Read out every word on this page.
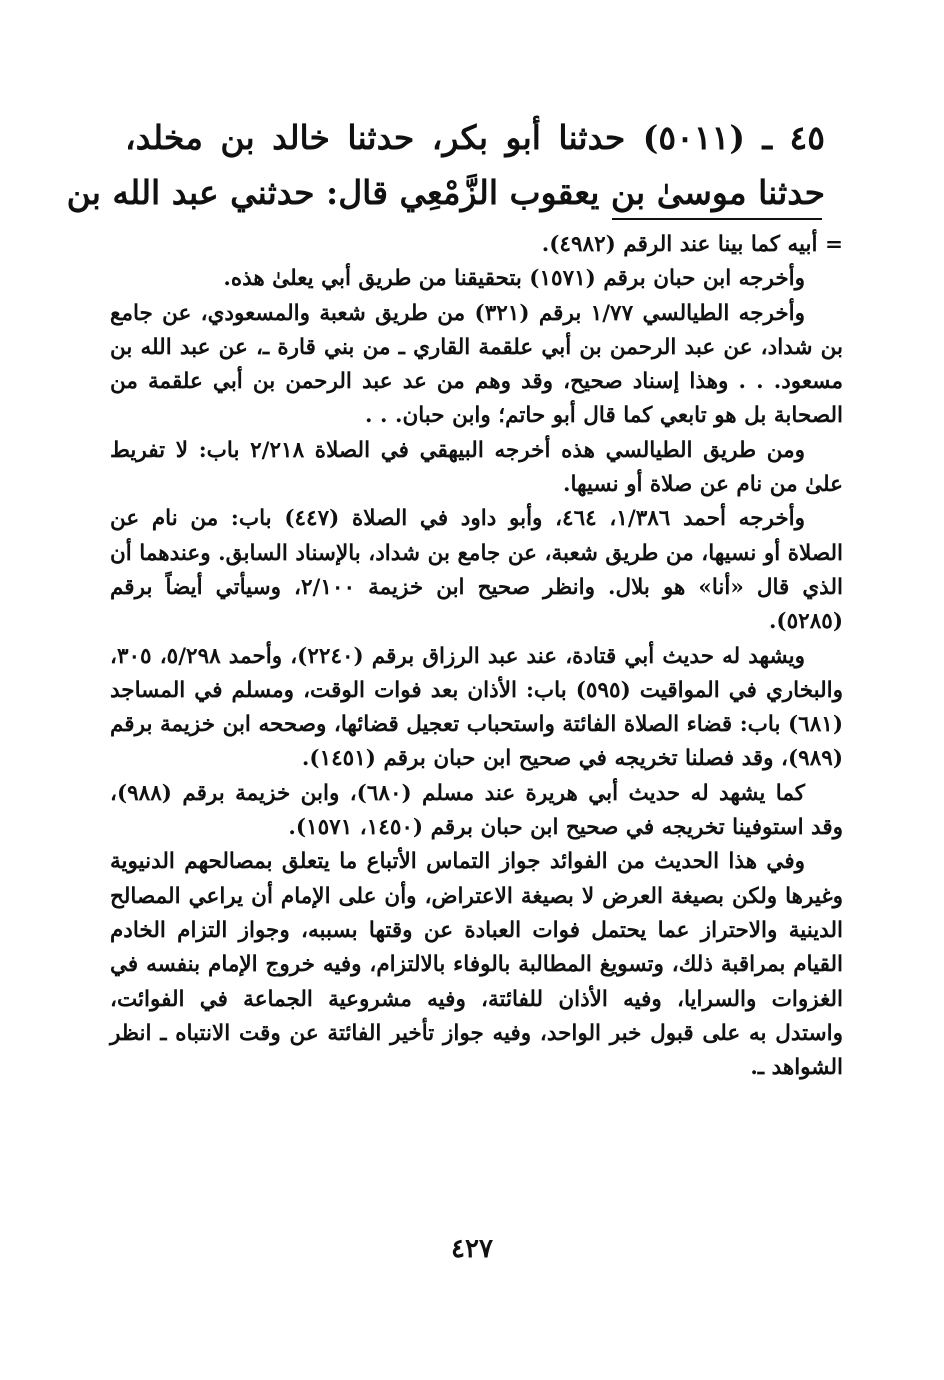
٤٥ ـ (٥٠١١) حدثنا أبو بكر، حدثنا خالد بن مخلد،
حدثنا موسىٰ بن يعقوب الزَّمْعِي قال: حدثني عبد الله بن

= أبيه كما بينا عند الرقم (٤٩٨٢).

وأخرجه ابن حبان برقم (١٥٧١) بتحقيقنا من طريق أبي يعلىٰ هذه.

وأخرجه الطيالسي ١/٧٧ برقم (٣٢١) من طريق شعبة والمسعودي، عن جامع بن شداد، عن عبد الرحمن بن أبي علقمة القاري ـ من بني قارة ـ، عن عبد الله بن مسعود. . . وهذا إسناد صحيح، وقد وهم من عد عبد الرحمن بن أبي علقمة من الصحابة بل هو تابعي كما قال أبو حاتم؛ وابن حبان. . .

ومن طريق الطيالسي هذه أخرجه البيهقي في الصلاة ٢/٢١٨ باب: لا تفريط علىٰ من نام عن صلاة أو نسيها.

وأخرجه أحمد ١/٣٨٦، ٤٦٤، وأبو داود في الصلاة (٤٤٧) باب: من نام عن الصلاة أو نسيها، من طريق شعبة، عن جامع بن شداد، بالإسناد السابق. وعندهما أن الذي قال «أنا» هو بلال. وانظر صحيح ابن خزيمة ٢/١٠٠، وسيأتي أيضاً برقم (٥٢٨٥).

ويشهد له حديث أبي قتادة، عند عبد الرزاق برقم (٢٢٤٠)، وأحمد ٥/٢٩٨، ٣٠٥، والبخاري في المواقيت (٥٩٥) باب: الأذان بعد فوات الوقت، ومسلم في المساجد (٦٨١) باب: قضاء الصلاة الفائتة واستحباب تعجيل قضائها، وصححه ابن خزيمة برقم (٩٨٩)، وقد فصلنا تخريجه في صحيح ابن حبان برقم (١٤٥١).

كما يشهد له حديث أبي هريرة عند مسلم (٦٨٠)، وابن خزيمة برقم (٩٨٨)، وقد استوفينا تخريجه في صحيح ابن حبان برقم (١٤٥٠، ١٥٧١).

وفي هذا الحديث من الفوائد جواز التماس الأتباع ما يتعلق بمصالحهم الدنيوية وغيرها ولكن بصيغة العرض لا بصيغة الاعتراض، وأن على الإمام أن يراعي المصالح الدينية والاحتراز عما يحتمل فوات العبادة عن وقتها بسببه، وجواز التزام الخادم القيام بمراقبة ذلك، وتسويغ المطالبة بالوفاء بالالتزام، وفيه خروج الإمام بنفسه في الغزوات والسرايا، وفيه الأذان للفائتة، وفيه مشروعية الجماعة في الفوائت، واستدل به على قبول خبر الواحد، وفيه جواز تأخير الفائتة عن وقت الانتباه ـ انظر الشواهد ـ.

٤٢٧
